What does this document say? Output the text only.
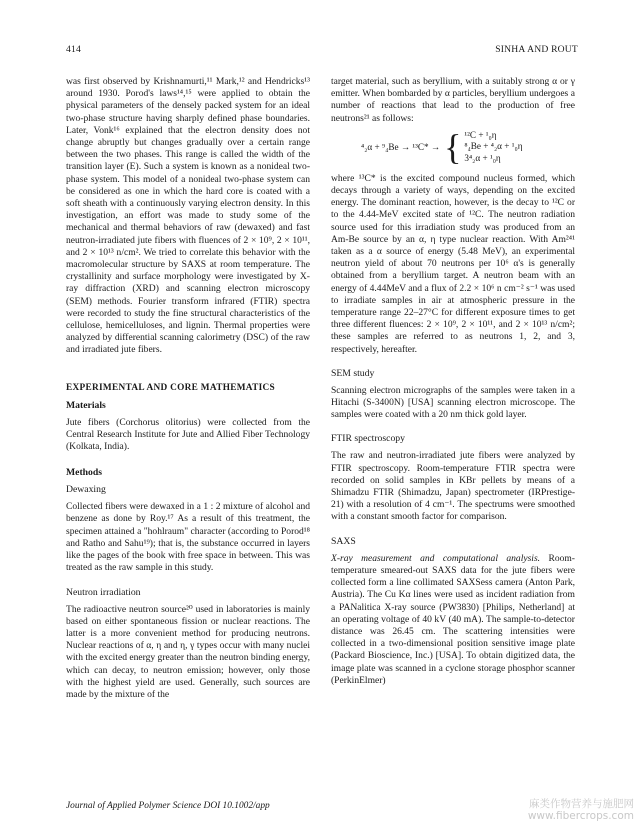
414	SINHA AND ROUT

was first observed by Krishnamurti,¹¹ Mark,¹² and Hendricks¹³ around 1930. Porod's laws¹⁴,¹⁵ were applied to obtain the physical parameters of the densely packed system for an ideal two-phase structure having sharply defined phase boundaries. Later, Vonk¹⁶ explained that the electron density does not change abruptly but changes gradually over a certain range between the two phases. This range is called the width of the transition layer (E). Such a system is known as a nonideal two-phase system. This model of a nonideal two-phase system can be considered as one in which the hard core is coated with a soft sheath with a continuously varying electron density. In this investigation, an effort was made to study some of the mechanical and thermal behaviors of raw (dewaxed) and fast neutron-irradiated jute fibers with fluences of 2 × 10⁹, 2 × 10¹¹, and 2 × 10¹³ n/cm². We tried to correlate this behavior with the macromolecular structure by SAXS at room temperature. The crystallinity and surface morphology were investigated by X-ray diffraction (XRD) and scanning electron microscopy (SEM) methods. Fourier transform infrared (FTIR) spectra were recorded to study the fine structural characteristics of the cellulose, hemicelluloses, and lignin. Thermal properties were analyzed by differential scanning calorimetry (DSC) of the raw and irradiated jute fibers.

EXPERIMENTAL AND CORE MATHEMATICS
Materials

Jute fibers (Corchorus olitorius) were collected from the Central Research Institute for Jute and Allied Fiber Technology (Kolkata, India).

Methods
Dewaxing

Collected fibers were dewaxed in a 1 : 2 mixture of alcohol and benzene as done by Roy.¹⁷ As a result of this treatment, the specimen attained a "hohlraum" character (according to Porod¹⁸ and Ratho and Sahu¹⁹); that is, the substance occurred in layers like the pages of the book with free space in between. This was treated as the raw sample in this study.

Neutron irradiation

The radioactive neutron source²⁰ used in laboratories is mainly based on either spontaneous fission or nuclear reactions. The latter is a more convenient method for producing neutrons. Nuclear reactions of α, η and η, γ types occur with many nuclei with the excited energy greater than the neutron binding energy, which can decay, to neutron emission; however, only those with the highest yield are used. Generally, such sources are made by the mixture of the

target material, such as beryllium, with a suitably strong α or γ emitter. When bombarded by α particles, beryllium undergoes a number of reactions that lead to the production of free neutrons²¹ as follows:

⁴₂α + ⁹₄Be → ¹³C* → { ¹²C + ¹₀η
⁸₄Be + ⁴₂α + ¹₀η
3⁴₂α + ¹₀η

where ¹³C* is the excited compound nucleus formed, which decays through a variety of ways, depending on the excited energy. The dominant reaction, however, is the decay to ¹²C or to the 4.44-MeV excited state of ¹²C. The neutron radiation source used for this irradiation study was produced from an Am-Be source by an α, η type nuclear reaction. With Am²⁴¹ taken as a α source of energy (5.48 MeV), an experimental neutron yield of about 70 neutrons per 10⁶ α's is generally obtained from a beryllium target. A neutron beam with an energy of 4.44MeV and a flux of 2.2 × 10⁶ n cm⁻² s⁻¹ was used to irradiate samples in air at atmospheric pressure in the temperature range 22–27°C for different exposure times to get three different fluences: 2 × 10⁹, 2 × 10¹¹, and 2 × 10¹³ n/cm²; these samples are referred to as neutrons 1, 2, and 3, respectively, hereafter.

SEM study

Scanning electron micrographs of the samples were taken in a Hitachi (S-3400N) [USA] scanning electron microscope. The samples were coated with a 20 nm thick gold layer.

FTIR spectroscopy

The raw and neutron-irradiated jute fibers were analyzed by FTIR spectroscopy. Room-temperature FTIR spectra were recorded on solid samples in KBr pellets by means of a Shimadzu FTIR (Shimadzu, Japan) spectrometer (IRPrestige-21) with a resolution of 4 cm⁻¹. The spectrums were smoothed with a constant smooth factor for comparison.

SAXS

X-ray measurement and computational analysis. Room-temperature smeared-out SAXS data for the jute fibers were collected form a line collimated SAXSess camera (Anton Park, Austria). The Cu Kα lines were used as incident radiation from a PANalitica X-ray source (PW3830) [Philips, Netherland] at an operating voltage of 40 kV (40 mA). The sample-to-detector distance was 26.45 cm. The scattering intensities were collected in a two-dimensional position sensitive image plate (Packard Bioscience, Inc.) [USA]. To obtain digitized data, the image plate was scanned in a cyclone storage phosphor scanner (PerkinElmer)

Journal of Applied Polymer Science DOI 10.1002/app	麻类作物营养与施肥网
www.fibercrops.com
